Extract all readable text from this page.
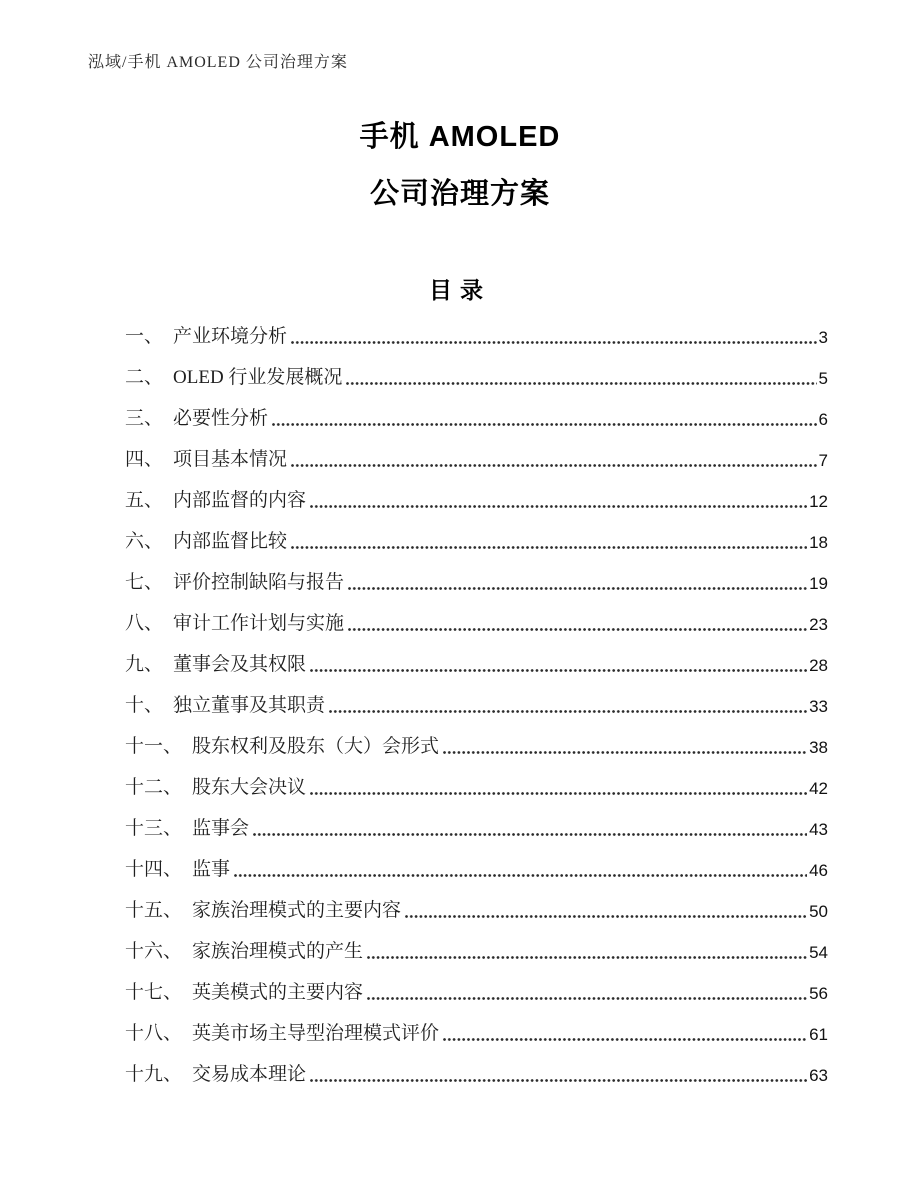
泓域/手机 AMOLED 公司治理方案
手机 AMOLED
公司治理方案
目录
一、 产业环境分析	3
二、 OLED 行业发展概况	5
三、 必要性分析	6
四、 项目基本情况	7
五、 内部监督的内容	12
六、 内部监督比较	18
七、 评价控制缺陷与报告	19
八、 审计工作计划与实施	23
九、 董事会及其权限	28
十、 独立董事及其职责	33
十一、 股东权利及股东（大）会形式	38
十二、 股东大会决议	42
十三、 监事会	43
十四、 监事	46
十五、 家族治理模式的主要内容	50
十六、 家族治理模式的产生	54
十七、 英美模式的主要内容	56
十八、 英美市场主导型治理模式评价	61
十九、 交易成本理论	63
